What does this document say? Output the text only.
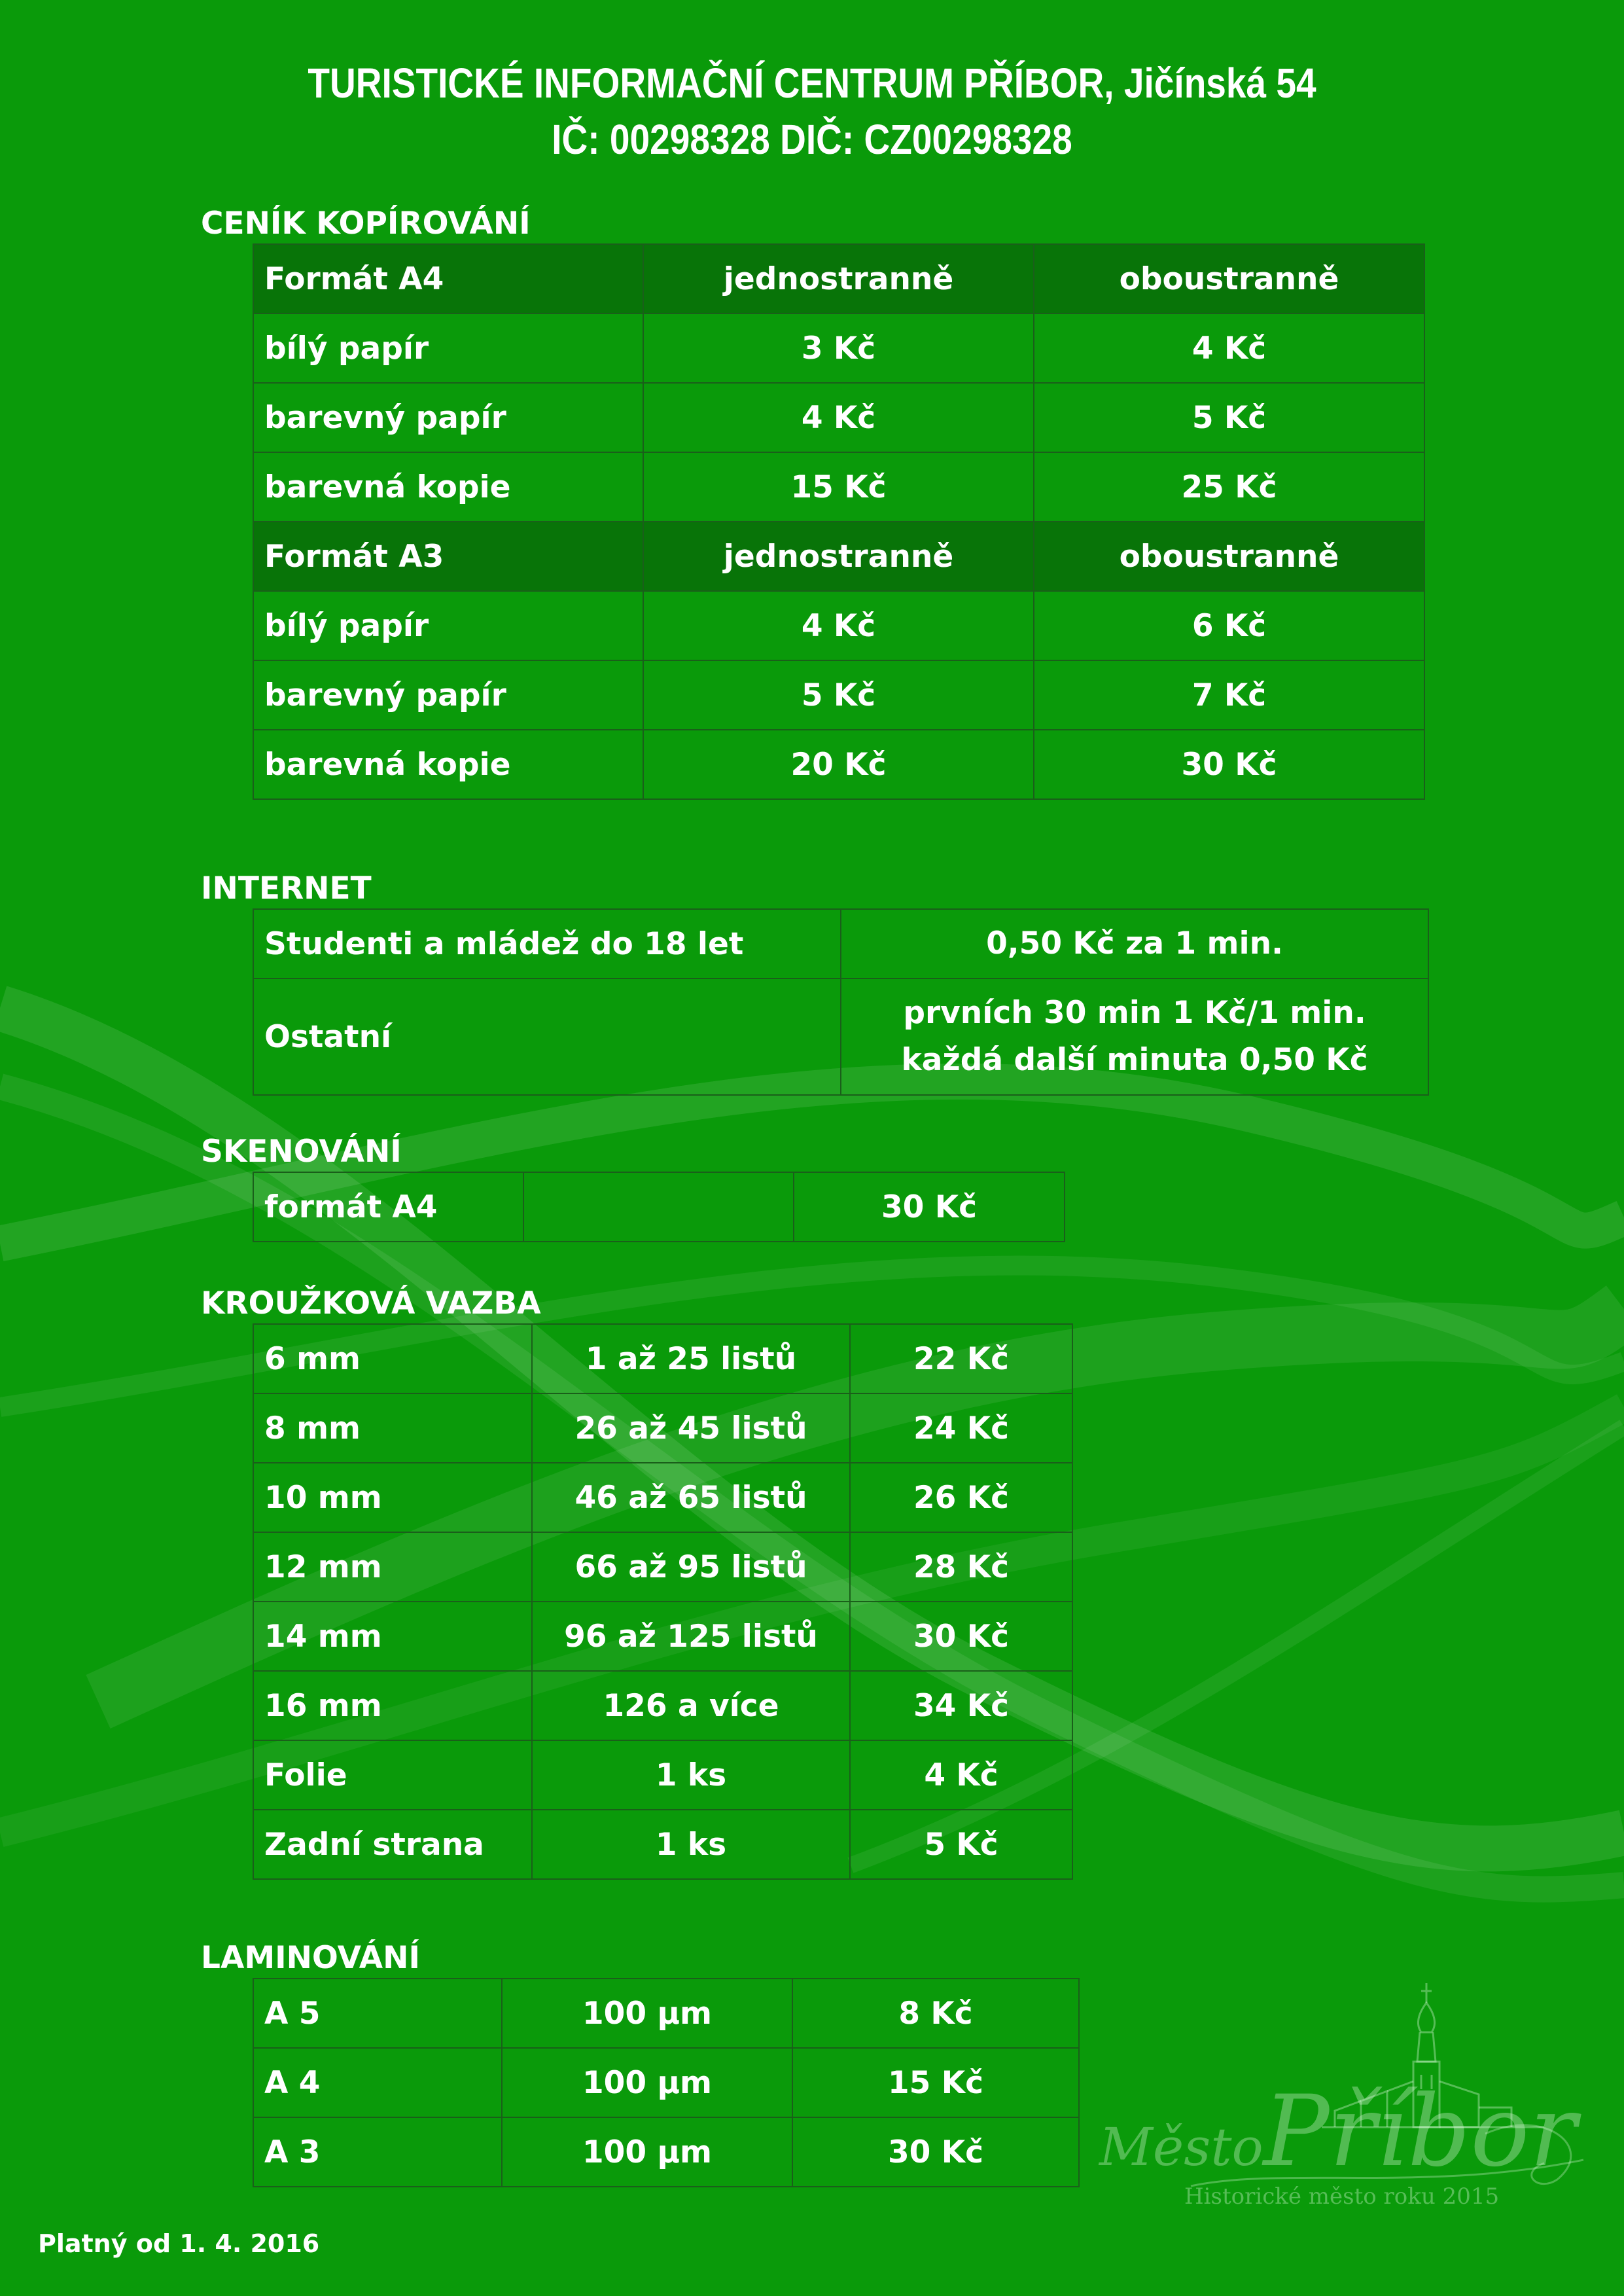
TURISTICKÉ INFORMAČNÍ CENTRUM PŘÍBOR, Jičínská 54
IČ: 00298328 DIČ: CZ00298328
CENÍK KOPÍROVÁNÍ
Formát A4	jednostranně	oboustranně
bílý papír	3 Kč	4 Kč
barevný papír	4 Kč	5 Kč
barevná kopie	15 Kč	25 Kč
Formát A3	jednostranně	oboustranně
bílý papír	4 Kč	6 Kč
barevný papír	5 Kč	7 Kč
barevná kopie	20 Kč	30 Kč
INTERNET
Studenti a mládež do 18 let	0,50 Kč za 1 min.

Ostatní	prvních 30 min 1 Kč/1 min.
každá další minuta 0,50 Kč
SKENOVÁNÍ
formát A4		30 Kč
KROUŽKOVÁ VAZBA
6 mm	1 až 25 listů	22 Kč
8 mm	26 až 45 listů	24 Kč
10 mm	46 až 65 listů	26 Kč
12 mm	66 až 95 listů	28 Kč
14 mm	96 až 125 listů	30 Kč
16 mm	126 a více	34 Kč
Folie	1 ks	4 Kč
Zadní strana	1 ks	5 Kč
LAMINOVÁNÍ
A 5	100 µm	8 Kč
A 4	100 µm	15 Kč
A 3	100 µm	30 Kč MěstoPříbor
Historické město roku 2015
Platný od 1. 4. 2016
